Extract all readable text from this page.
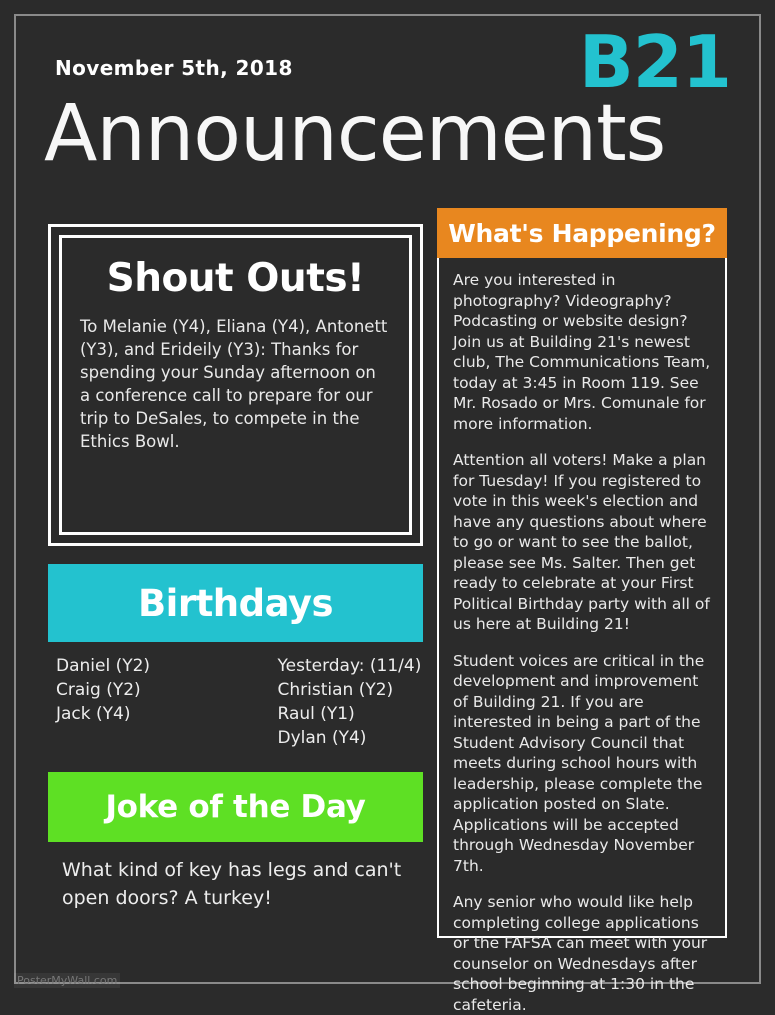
November 5th, 2018	B21
Announcements
Shout Outs!
To Melanie (Y4), Eliana (Y4), Antonett (Y3), and Erideily (Y3): Thanks for spending your Sunday afternoon on a conference call to prepare for our trip to DeSales, to compete in the Ethics Bowl.
Birthdays
Daniel (Y2)
Craig (Y2)
Jack (Y4)
Yesterday: (11/4)
Christian (Y2)
Raul (Y1)
Dylan (Y4)
Joke of the Day
What kind of key has legs and can't open doors? A turkey!
What's Happening?

Are you interested in photography? Videography? Podcasting or website design? Join us at Building 21's newest club, The Communications Team, today at 3:45 in Room 119. See Mr. Rosado or Mrs. Comunale for more information.

Attention all voters! Make a plan for Tuesday! If you registered to vote in this week's election and have any questions about where to go or want to see the ballot, please see Ms. Salter. Then get ready to celebrate at your First Political Birthday party with all of us here at Building 21!

Student voices are critical in the development and improvement of Building 21. If you are interested in being a part of the Student Advisory Council that meets during school hours with leadership, please complete the application posted on Slate. Applications will be accepted through Wednesday November 7th.

Any senior who would like help completing college applications or the FAFSA can meet with your counselor on Wednesdays after school beginning at 1:30 in the cafeteria.

PosterMyWall.com
